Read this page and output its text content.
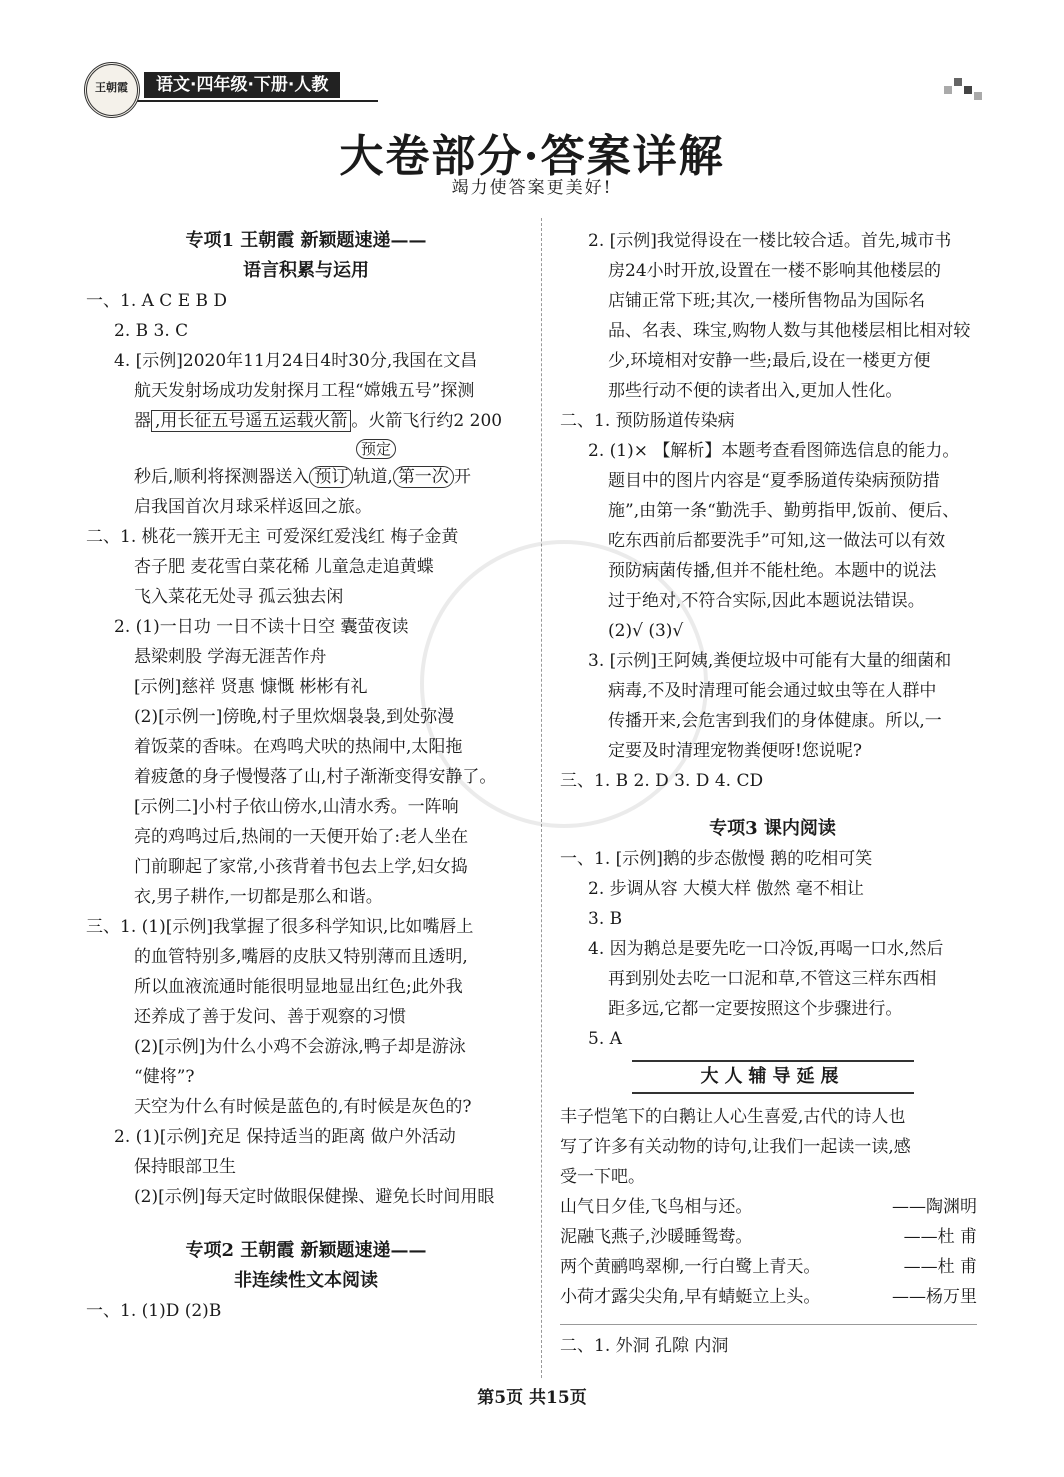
王朝霞	语文·四年级·下册·人教
大卷部分·答案详解
竭力使答案更美好!

专项1 王朝霞 新颖题速递——

语言积累与运用

一、1. A C E B D

2. B 3. C

4. [示例]2020年11月24日4时30分,我国在文昌

航天发射场成功发射探月工程“嫦娥五号”探测

器 ,用长征五号遥五运载火箭 。火箭飞行约2 200

预定

秒后,顺利将探测器送入 预订 轨道, 第一次 开

启我国首次月球采样返回之旅。

二、1. 桃花一簇开无主 可爱深红爱浅红 梅子金黄

杏子肥 麦花雪白菜花稀 儿童急走追黄蝶

飞入菜花无处寻 孤云独去闲

2. (1)一日功 一日不读十日空 囊萤夜读

悬梁刺股 学海无涯苦作舟

[示例]慈祥 贤惠 慷慨 彬彬有礼

(2)[示例一]傍晚,村子里炊烟袅袅,到处弥漫

着饭菜的香味。在鸡鸣犬吠的热闹中,太阳拖

着疲惫的身子慢慢落了山,村子渐渐变得安静了。

[示例二]小村子依山傍水,山清水秀。一阵响

亮的鸡鸣过后,热闹的一天便开始了:老人坐在

门前聊起了家常,小孩背着书包去上学,妇女捣

衣,男子耕作,一切都是那么和谐。

三、1. (1)[示例]我掌握了很多科学知识,比如嘴唇上

的血管特别多,嘴唇的皮肤又特别薄而且透明,

所以血液流通时能很明显地显出红色;此外我

还养成了善于发问、善于观察的习惯

(2)[示例]为什么小鸡不会游泳,鸭子却是游泳

“健将”?

天空为什么有时候是蓝色的,有时候是灰色的?

2. (1)[示例]充足 保持适当的距离 做户外活动

保持眼部卫生

(2)[示例]每天定时做眼保健操、避免长时间用眼

专项2 王朝霞 新颖题速递——

非连续性文本阅读

一、1. (1)D (2)B

2. [示例]我觉得设在一楼比较合适。首先,城市书

房24小时开放,设置在一楼不影响其他楼层的

店铺正常下班;其次,一楼所售物品为国际名

品、名表、珠宝,购物人数与其他楼层相比相对较

少,环境相对安静一些;最后,设在一楼更方便

那些行动不便的读者出入,更加人性化。

二、1. 预防肠道传染病

2. (1)× 【解析】本题考查看图筛选信息的能力。

题目中的图片内容是“夏季肠道传染病预防措

施”,由第一条“勤洗手、勤剪指甲,饭前、便后、

吃东西前后都要洗手”可知,这一做法可以有效

预防病菌传播,但并不能杜绝。本题中的说法

过于绝对,不符合实际,因此本题说法错误。

(2)√ (3)√

3. [示例]王阿姨,粪便垃圾中可能有大量的细菌和

病毒,不及时清理可能会通过蚊虫等在人群中

传播开来,会危害到我们的身体健康。所以,一

定要及时清理宠物粪便呀!您说呢?

三、1. B 2. D 3. D 4. CD

专项3 课内阅读

一、1. [示例]鹅的步态傲慢 鹅的吃相可笑

2. 步调从容 大模大样 傲然 毫不相让

3. B

4. 因为鹅总是要先吃一口冷饭,再喝一口水,然后

再到别处去吃一口泥和草,不管这三样东西相

距多远,它都一定要按照这个步骤进行。

5. A

大人辅导延展

丰子恺笔下的白鹅让人心生喜爱,古代的诗人也

写了许多有关动物的诗句,让我们一起读一读,感

受一下吧。

山气日夕佳,飞鸟相与还。	——陶渊明
泥融飞燕子,沙暖睡鸳鸯。	——杜 甫
两个黄鹂鸣翠柳,一行白鹭上青天。	——杜 甫
小荷才露尖尖角,早有蜻蜓立上头。	——杨万里

二、1. 外洞 孔隙 内洞

第5页 共15页
